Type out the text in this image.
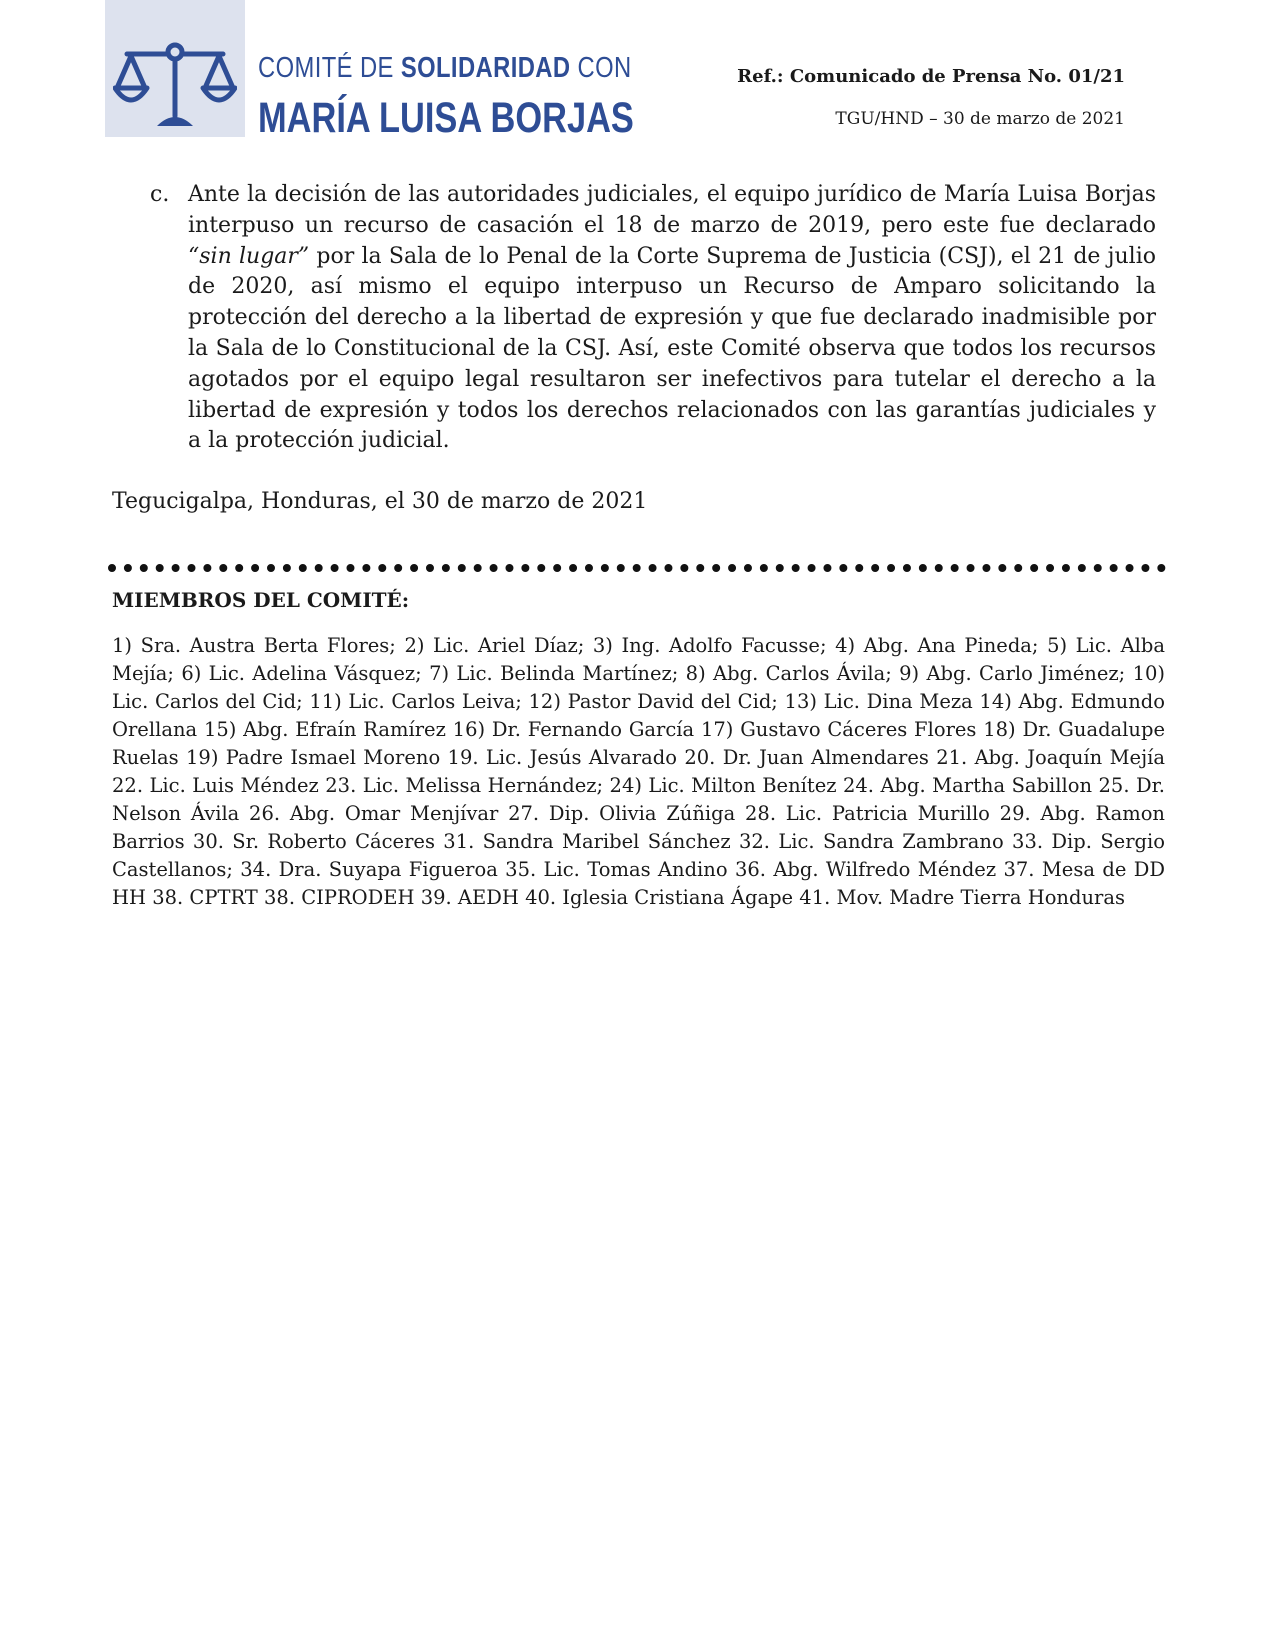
COMITÉ DE SOLIDARIDAD CON
MARÍA LUISA BORJAS
Ref.: Comunicado de Prensa No. 01/21
TGU/HND – 30 de marzo de 2021
c. Ante la decisión de las autoridades judiciales, el equipo jurídico de María Luisa Borjas interpuso un recurso de casación el 18 de marzo de 2019, pero este fue declarado “sin lugar” por la Sala de lo Penal de la Corte Suprema de Justicia (CSJ), el 21 de julio de 2020, así mismo el equipo interpuso un Recurso de Amparo solicitando la protección del derecho a la libertad de expresión y que fue declarado inadmisible por la Sala de lo Constitucional de la CSJ. Así, este Comité observa que todos los recursos agotados por el equipo legal resultaron ser inefectivos para tutelar el derecho a la libertad de expresión y todos los derechos relacionados con las garantías judiciales y a la protección judicial.
Tegucigalpa, Honduras, el 30 de marzo de 2021
MIEMBROS DEL COMITÉ:
1) Sra. Austra Berta Flores; 2) Lic. Ariel Díaz; 3) Ing. Adolfo Facusse; 4) Abg. Ana Pineda; 5) Lic. Alba Mejía; 6) Lic. Adelina Vásquez; 7) Lic. Belinda Martínez; 8) Abg. Carlos Ávila; 9) Abg. Carlo Jiménez; 10) Lic. Carlos del Cid; 11) Lic. Carlos Leiva; 12) Pastor David del Cid; 13) Lic. Dina Meza 14) Abg. Edmundo Orellana 15) Abg. Efraín Ramírez 16) Dr. Fernando García 17) Gustavo Cáceres Flores 18) Dr. Guadalupe Ruelas 19) Padre Ismael Moreno 19. Lic. Jesús Alvarado 20. Dr. Juan Almendares 21. Abg. Joaquín Mejía 22. Lic. Luis Méndez 23. Lic. Melissa Hernández; 24) Lic. Milton Benítez 24. Abg. Martha Sabillon 25. Dr. Nelson Ávila 26. Abg. Omar Menjívar 27. Dip. Olivia Zúñiga 28. Lic. Patricia Murillo 29. Abg. Ramon Barrios 30. Sr. Roberto Cáceres 31. Sandra Maribel Sánchez 32. Lic. Sandra Zambrano 33. Dip. Sergio Castellanos; 34. Dra. Suyapa Figueroa 35. Lic. Tomas Andino 36. Abg. Wilfredo Méndez 37. Mesa de DD HH 38. CPTRT 38. CIPRODEH 39. AEDH 40. Iglesia Cristiana Ágape 41. Mov. Madre Tierra Honduras
